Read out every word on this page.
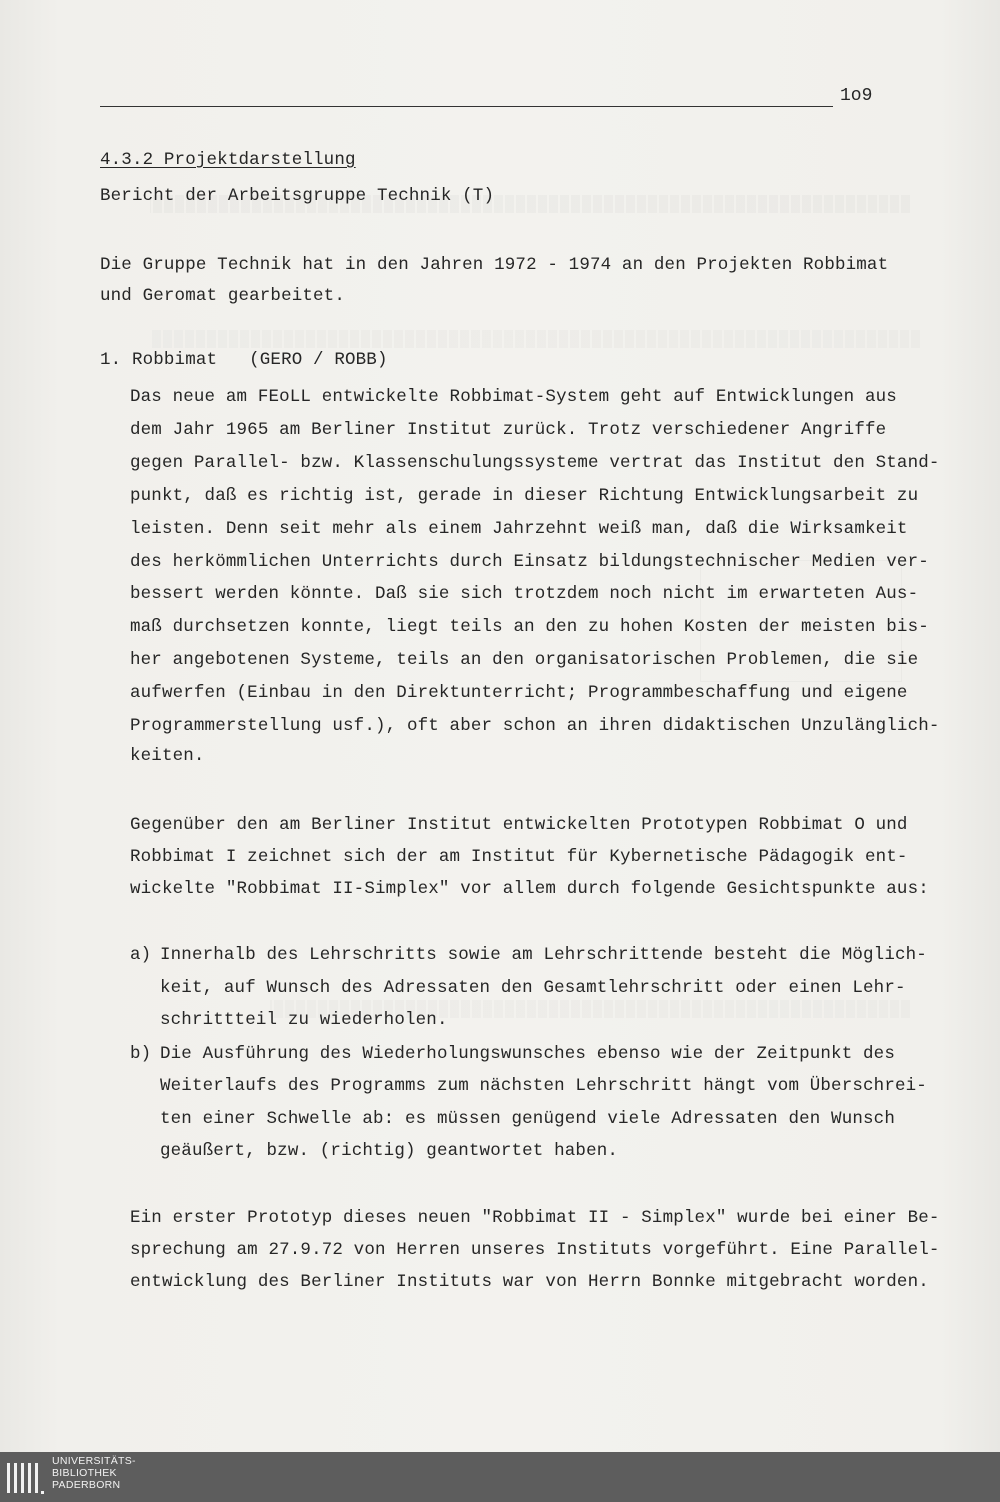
1o9
4.3.2 Projektdarstellung
Bericht der Arbeitsgruppe Technik (T)
Die Gruppe Technik hat in den Jahren 1972 - 1974 an den Projekten Robbimat
und Geromat gearbeitet.
1. Robbimat   (GERO / ROBB)
Das neue am FEoLL entwickelte Robbimat-System geht auf Entwicklungen aus
dem Jahr 1965 am Berliner Institut zurück. Trotz verschiedener Angriffe
gegen Parallel- bzw. Klassenschulungssysteme vertrat das Institut den Stand-
punkt, daß es richtig ist, gerade in dieser Richtung Entwicklungsarbeit zu
leisten. Denn seit mehr als einem Jahrzehnt weiß man, daß die Wirksamkeit
des herkömmlichen Unterrichts durch Einsatz bildungstechnischer Medien ver-
bessert werden könnte. Daß sie sich trotzdem noch nicht im erwarteten Aus-
maß durchsetzen konnte, liegt teils an den zu hohen Kosten der meisten bis-
her angebotenen Systeme, teils an den organisatorischen Problemen, die sie
aufwerfen (Einbau in den Direktunterricht; Programmbeschaffung und eigene
Programmerstellung usf.), oft aber schon an ihren didaktischen Unzulänglich-
keiten.
Gegenüber den am Berliner Institut entwickelten Prototypen Robbimat O und
Robbimat I zeichnet sich der am Institut für Kybernetische Pädagogik ent-
wickelte "Robbimat II-Simplex" vor allem durch folgende Gesichtspunkte aus:
a) Innerhalb des Lehrschritts sowie am Lehrschrittende besteht die Möglich-
keit, auf Wunsch des Adressaten den Gesamtlehrschritt oder einen Lehr-
schrittteil zu wiederholen.
b) Die Ausführung des Wiederholungswunsches ebenso wie der Zeitpunkt des
Weiterlaufs des Programms zum nächsten Lehrschritt hängt vom Überschrei-
ten einer Schwelle ab: es müssen genügend viele Adressaten den Wunsch
geäußert, bzw. (richtig) geantwortet haben.
Ein erster Prototyp dieses neuen "Robbimat II - Simplex" wurde bei einer Be-
sprechung am 27.9.72 von Herren unseres Instituts vorgeführt. Eine Parallel-
entwicklung des Berliner Instituts war von Herrn Bonnke mitgebracht worden.
UNIVERSITÄTS-
BIBLIOTHEK
PADERBORN
